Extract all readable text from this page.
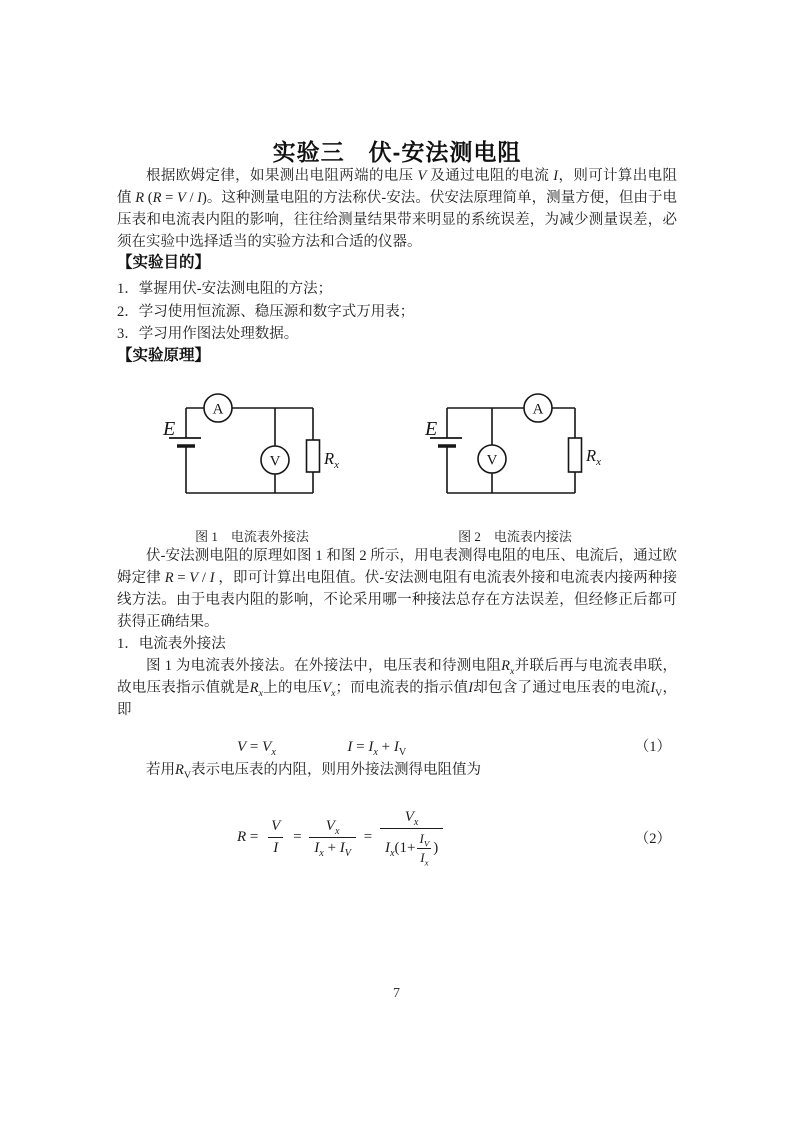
实验三　伏-安法测电阻

根据欧姆定律，如果测出电阻两端的电压 V 及通过电阻的电流 I，则可计算出电阻值 R (R = V / I)。这种测量电阻的方法称伏-安法。伏安法原理简单，测量方便，但由于电压表和电流表内阻的影响，往往给测量结果带来明显的系统误差，为减少测量误差，必须在实验中选择适当的实验方法和合适的仪器。

【实验目的】
1．掌握用伏-安法测电阻的方法；
2．学习使用恒流源、稳压源和数字式万用表；
3．学习用作图法处理数据。
【实验原理】
A
V
E
$R_x$
A
V
E
$R_x$
图 1　电流表外接法	图 2　电流表内接法

伏-安法测电阻的原理如图 1 和图 2 所示，用电表测得电阻的电压、电流后，通过欧姆定律 R = V / I ，即可计算出电阻值。伏-安法测电阻有电流表外接和电流表内接两种接线方法。由于电表内阻的影响，不论采用哪一种接法总存在方法误差，但经修正后都可获得正确结果。

1．电流表外接法

图 1 为电流表外接法。在外接法中，电压表和待测电阻$R_x$并联后再与电流表串联，故电压表指示值就是$R_x$上的电压$V_x$；而电流表的指示值I却包含了通过电压表的电流$I_V$，即

$V = V_x$	$I = I_x + I_V$	（1）

若用$R_V$表示电压表的内阻，则用外接法测得电阻值为

$R = \frac{V}{I} = \frac{V_x}{I_x + I_V} = \frac{V_x}{I_x(1+ \frac{I_V}{I_x} )}$	（2）
7
